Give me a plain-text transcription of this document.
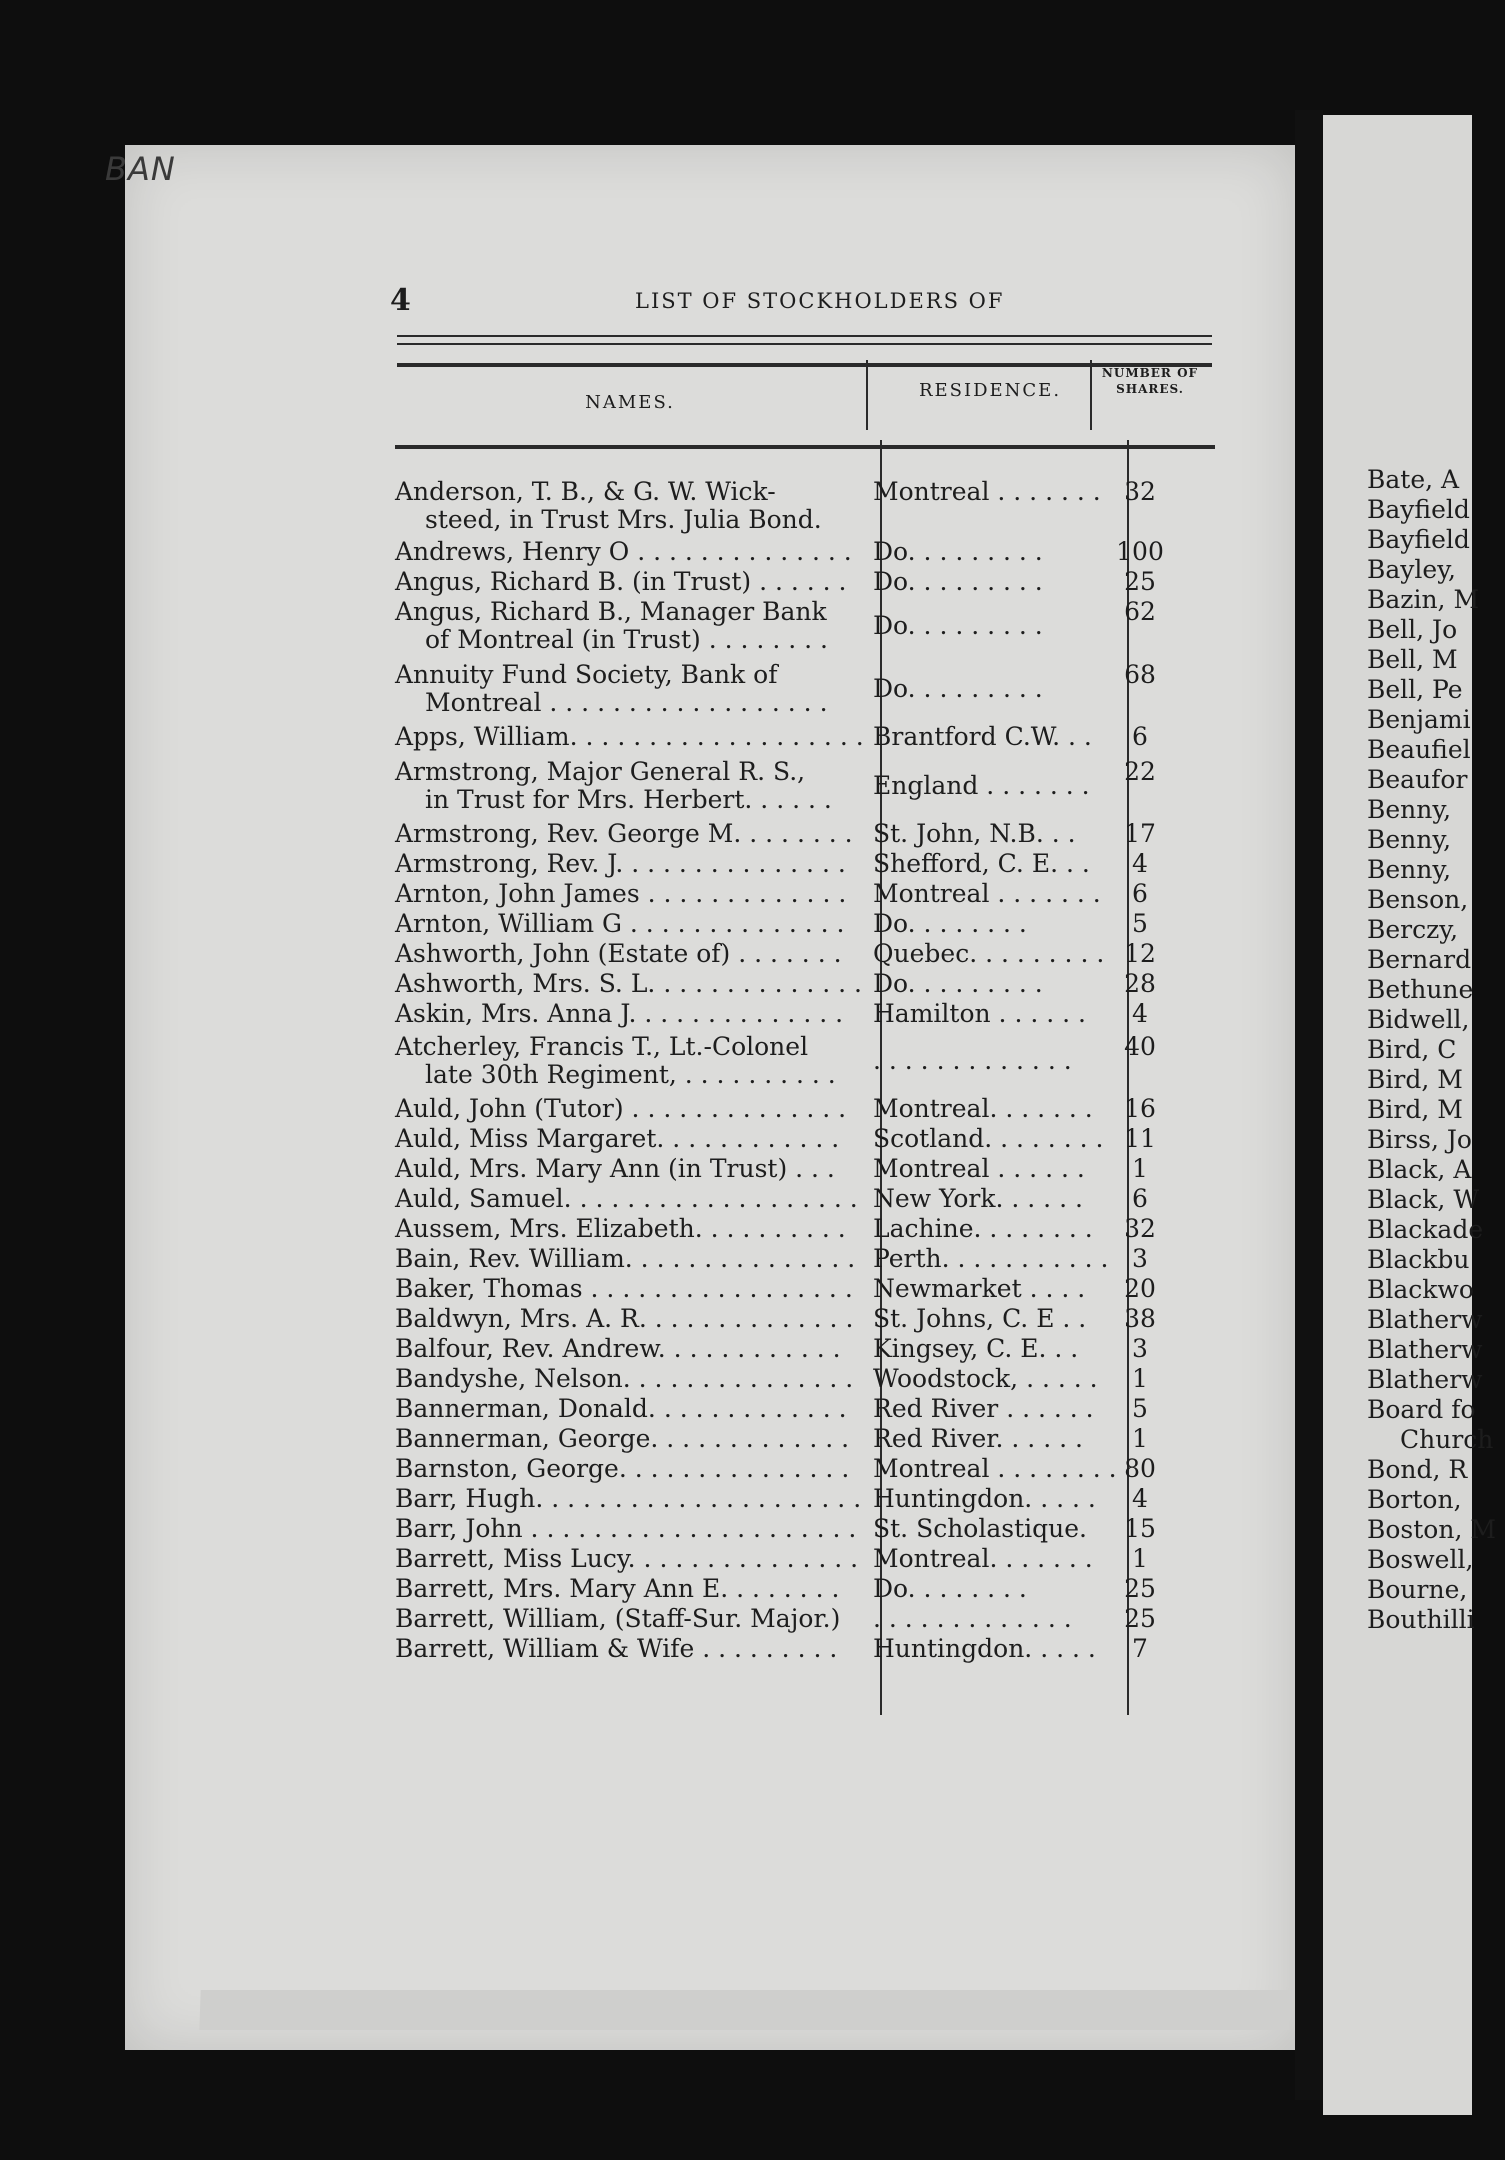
BAN
4	LIST OF STOCKHOLDERS OF
NAMES.
RESIDENCE.
NUMBER OF
SHARES.
Anderson, T. B., & G. W. Wick-
steed, in Trust Mrs. Julia Bond.
Montreal . . . . . . . 32
Andrews, Henry O . . . . . . . . . . . . . . Do. . . . . . . . .	100
Angus, Richard B. (in Trust) . . . . . . Do. . . . . . . . .	25
Angus, Richard B., Manager Bank
of Montreal (in Trust) . . . . . . . . Do. . . . . . . . .	62
Annuity Fund Society, Bank of
Montreal . . . . . . . . . . . . . . . . . . Do. . . . . . . . .	68
Apps, William. . . . . . . . . . . . . . . . . . . Brantford C.W. . .	6
Armstrong, Major General R. S.,
in Trust for Mrs. Herbert. . . . . . England . . . . . . .	22
Armstrong, Rev. George M. . . . . . . . St. John, N.B. . .	17
Armstrong, Rev. J. . . . . . . . . . . . . . . Shefford, C. E. . .	4
Arnton, John James . . . . . . . . . . . . . Montreal . . . . . . .	6
Arnton, William G . . . . . . . . . . . . . . Do. . . . . . . .	5
Ashworth, John (Estate of) . . . . . . . Quebec. . . . . . . . . 12
Ashworth, Mrs. S. L. . . . . . . . . . . . . . Do. . . . . . . . .	28
Askin, Mrs. Anna J. . . . . . . . . . . . . . Hamilton . . . . . .	4
Atcherley, Francis T., Lt.-Colonel
late 30th Regiment, . . . . . . . . . . . . . . . . . . . . . . .	40
Auld, John (Tutor) . . . . . . . . . . . . . . Montreal. . . . . . .	16
Auld, Miss Margaret. . . . . . . . . . . . Scotland. . . . . . . . 11
Auld, Mrs. Mary Ann (in Trust) . . . Montreal . . . . . .	1
Auld, Samuel. . . . . . . . . . . . . . . . . . . New York. . . . . .	6
Aussem, Mrs. Elizabeth. . . . . . . . . . Lachine. . . . . . . .	32
Bain, Rev. William. . . . . . . . . . . . . . . Perth. . . . . . . . . . . 3
Baker, Thomas . . . . . . . . . . . . . . . . . Newmarket . . . .	20
Baldwyn, Mrs. A. R. . . . . . . . . . . . . . St. Johns, C. E . .	38
Balfour, Rev. Andrew. . . . . . . . . . . . Kingsey, C. E. . .	3
Bandyshe, Nelson. . . . . . . . . . . . . . . Woodstock, . . . . .	1
Bannerman, Donald. . . . . . . . . . . . . Red River . . . . . .	5
Bannerman, George. . . . . . . . . . . . . Red River. . . . . .	1
Barnston, George. . . . . . . . . . . . . . . Montreal . . . . . . . . 80
Barr, Hugh. . . . . . . . . . . . . . . . . . . . . Huntingdon. . . . .	4
Barr, John . . . . . . . . . . . . . . . . . . . . . St. Scholastique.	15
Barrett, Miss Lucy. . . . . . . . . . . . . . . Montreal. . . . . . .	1
Barrett, Mrs. Mary Ann E. . . . . . . . Do. . . . . . . .	25
Barrett, William, (Staff-Sur. Major.) . . . . . . . . . . . . .	25
Barrett, William & Wife . . . . . . . . . Huntingdon. . . . .	7
Bate, A
Bayfield
Bayfield
Bayley,
Bazin, M
Bell, Jo
Bell, M
Bell, Pe
Benjami
Beaufiel
Beaufor
Benny,
Benny,
Benny,
Benson,
Berczy,
Bernard
Bethune
Bidwell,
Bird, C
Bird, M
Bird, M
Birss, Jo
Black, A
Black, W
Blackade
Blackbu
Blackwo
Blatherw
Blatherw
Blatherw
Board fo
Church
Bond, R
Borton,
Boston, M
Boswell,
Bourne,
Bouthilli
